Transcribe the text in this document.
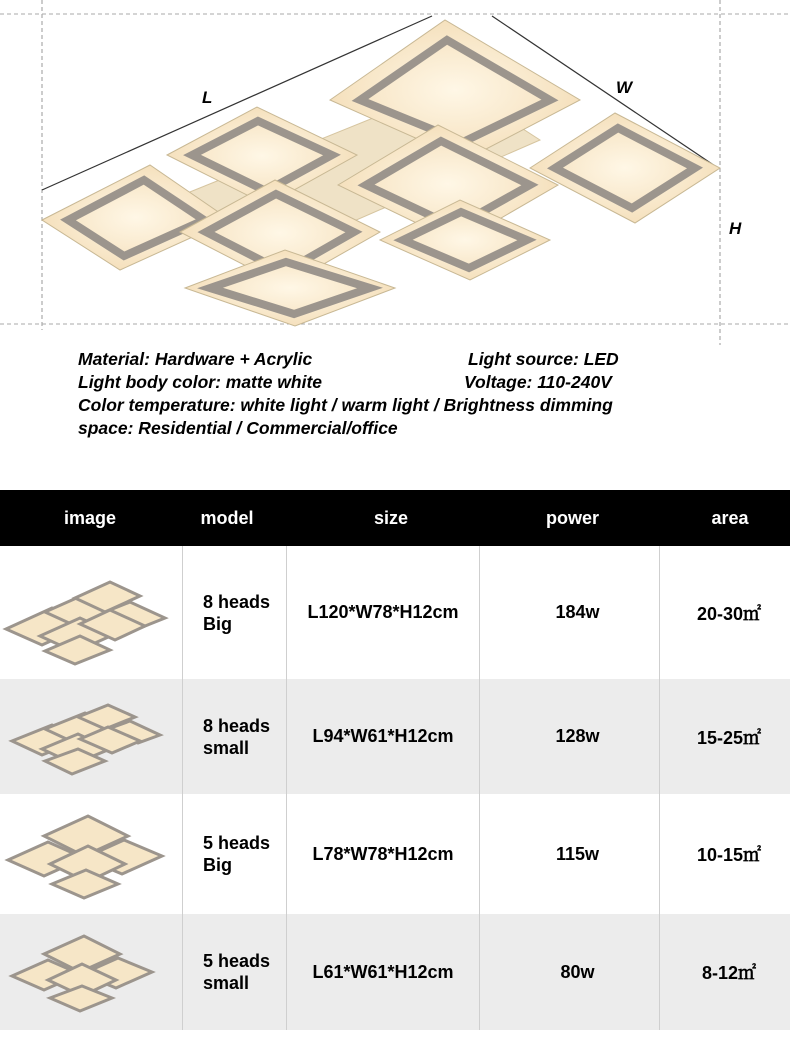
L
W
H
Material: Hardware + Acrylic	Light source: LED
Light body color: matte white	Voltage: 110-240V
Color temperature: white light / warm light / Brightness dimming
space: Residential / Commercial/office
image	model	size	power	area
8 heads
Big
L120*W78*H12cm	184w	20-30㎡
8 heads
small
L94*W61*H12cm	128w	15-25㎡
5 heads
Big
L78*W78*H12cm	115w	10-15㎡
5 heads
small
L61*W61*H12cm	80w	8-12㎡
